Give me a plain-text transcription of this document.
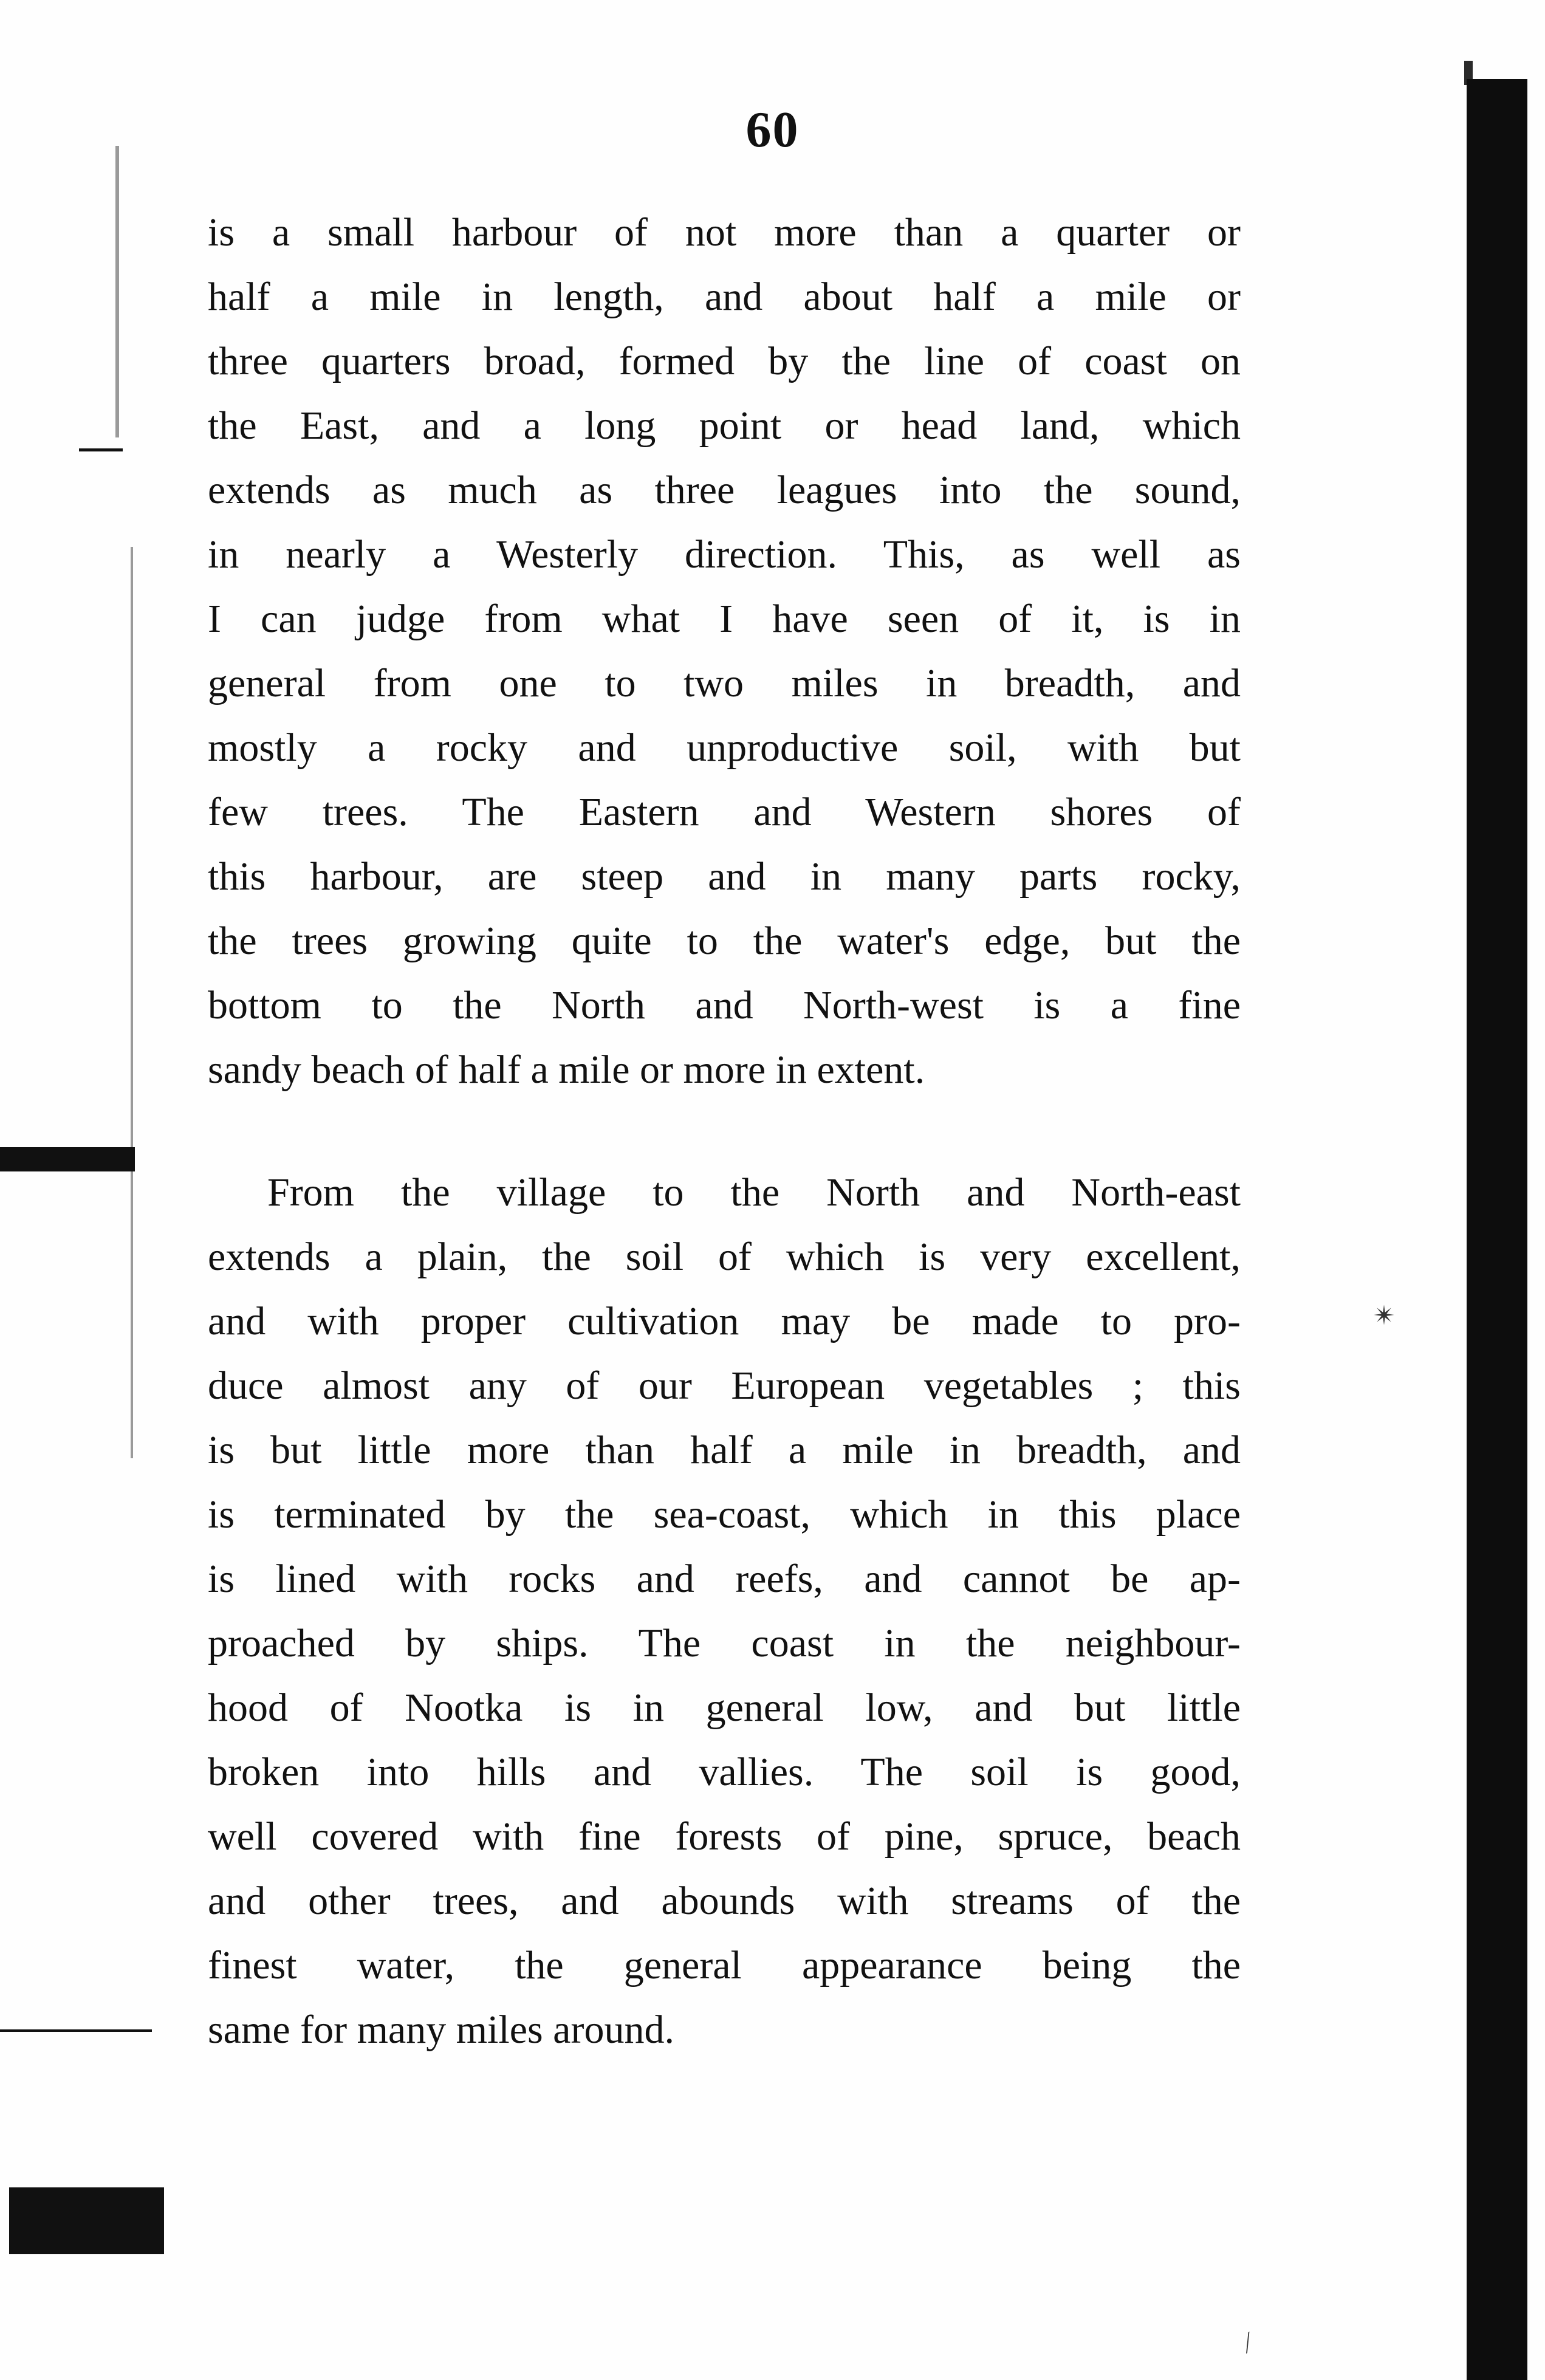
✴
∕
60
is a small harbour of not more than a quarter or
half a mile in length, and about half a mile or
three quarters broad, formed by the line of coast on
the East, and a long point or head land, which
extends as much as three leagues into the sound,
in nearly a Westerly direction. This, as well as
I can judge from what I have seen of it, is in
general from one to two miles in breadth, and
mostly a rocky and unproductive soil, with but
few trees. The Eastern and Western shores of
this harbour, are steep and in many parts rocky,
the trees growing quite to the water's edge, but the
bottom to the North and North-west is a fine
sandy beach of half a mile or more in extent.
From the village to the North and North-east
extends a plain, the soil of which is very excellent,
and with proper cultivation may be made to pro-
duce almost any of our European vegetables ; this
is but little more than half a mile in breadth, and
is terminated by the sea-coast, which in this place
is lined with rocks and reefs, and cannot be ap-
proached by ships. The coast in the neighbour-
hood of Nootka is in general low, and but little
broken into hills and vallies. The soil is good,
well covered with fine forests of pine, spruce, beach
and other trees, and abounds with streams of the
finest water, the general appearance being the
same for many miles around.
